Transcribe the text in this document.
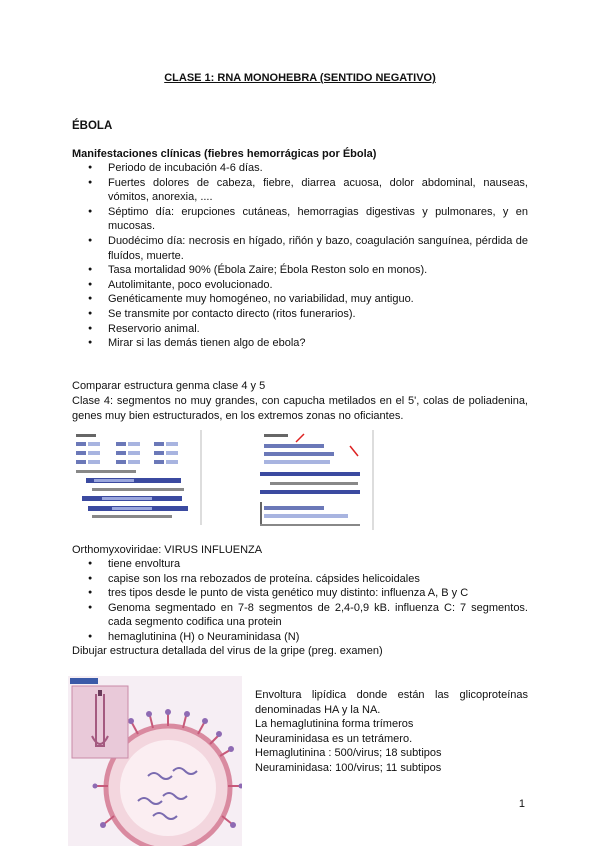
CLASE 1: RNA MONOHEBRA (SENTIDO NEGATIVO)
ÉBOLA
Manifestaciones clínicas (fiebres hemorrágicas por Ébola)
● Periodo de incubación 4-6 días.
● Fuertes dolores de cabeza, fiebre, diarrea acuosa, dolor abdominal, nauseas, vómitos, anorexia, ....
● Séptimo día: erupciones cutáneas, hemorragias digestivas y pulmonares, y en mucosas.
● Duodécimo día: necrosis en hígado, riñón y bazo, coagulación sanguínea, pérdida de fluídos, muerte.
● Tasa mortalidad 90% (Ébola Zaire; Ébola Reston solo en monos).
● Autolimitante, poco evolucionado.
● Genéticamente muy homogéneo, no variabilidad, muy antiguo.
● Se transmite por contacto directo (ritos funerarios).
● Reservorio animal.
● Mirar si las demás tienen algo de ebola?
Comparar estructura genma clase 4 y 5
Clase 4: segmentos no muy grandes, con capucha metilados en el 5', colas de poliadenina, genes muy bien estructurados, en los extremos zonas no oficiantes.
Orthomyxoviridae: VIRUS INFLUENZA
● tiene envoltura
● capise son los rna rebozados de proteína. cápsides helicoidales
● tres tipos desde le punto de vista genético muy distinto: influenza A, B y C
● Genoma segmentado en 7-8 segmentos de 2,4-0,9 kB. influenza C: 7 segmentos. cada segmento codifica una protein
● hemaglutinina (H) o Neuraminidasa (N)
Dibujar estructura detallada del virus de la gripe (preg. examen)
Envoltura lipídica donde están las glicoproteínas denominadas HA y la NA.
La hemaglutinina forma trímeros
Neuraminidasa es un tetrámero.
Hemaglutinina : 500/virus; 18 subtipos
Neuraminidasa: 100/virus; 11 subtipos
1
